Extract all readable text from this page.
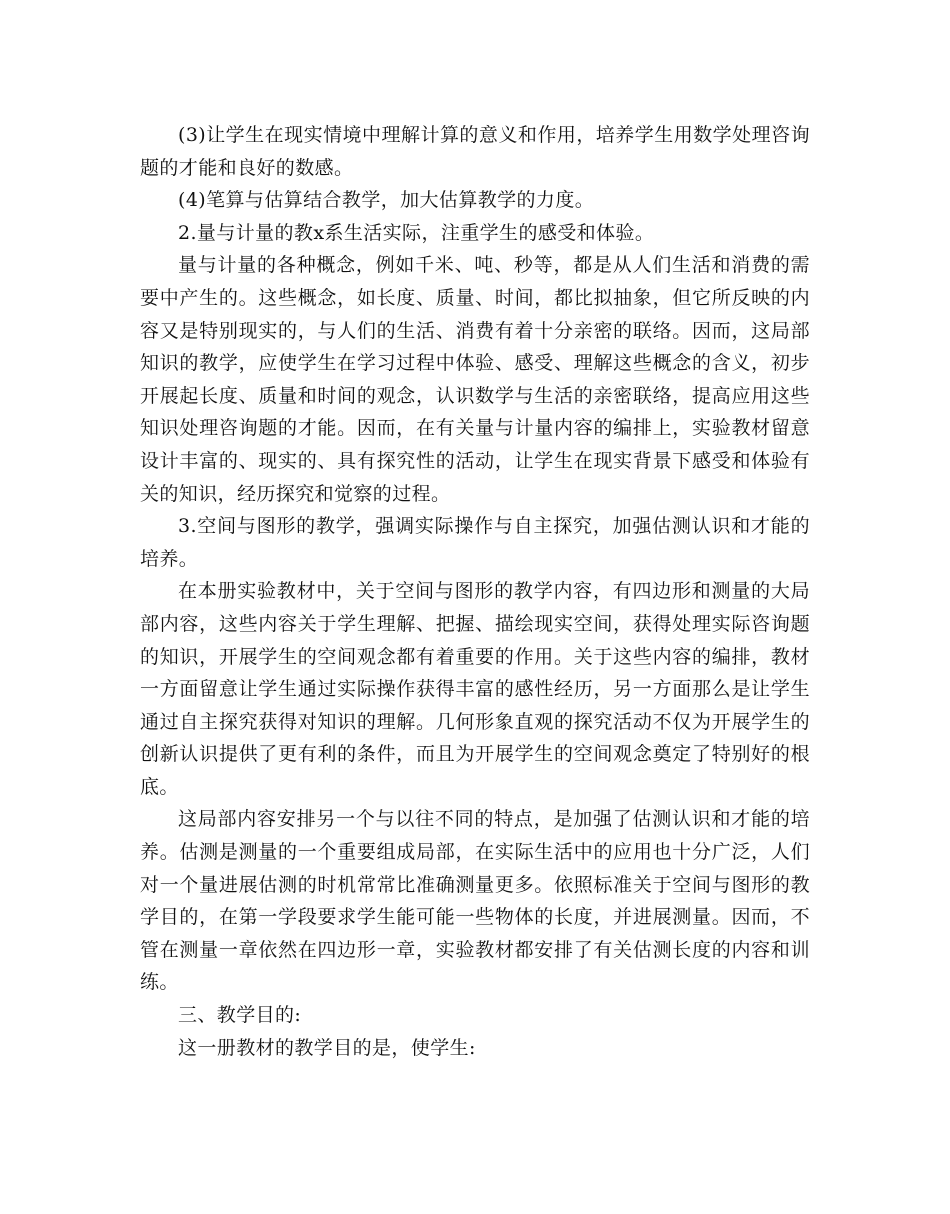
(3)让学生在现实情境中理解计算的意义和作用，培养学生用数学处理咨询题的才能和良好的数感。

(4)笔算与估算结合教学，加大估算教学的力度。

2.量与计量的教x系生活实际，注重学生的感受和体验。

量与计量的各种概念，例如千米、吨、秒等，都是从人们生活和消费的需要中产生的。这些概念，如长度、质量、时间，都比拟抽象，但它所反映的内容又是特别现实的，与人们的生活、消费有着十分亲密的联络。因而，这局部知识的教学，应使学生在学习过程中体验、感受、理解这些概念的含义，初步开展起长度、质量和时间的观念，认识数学与生活的亲密联络，提高应用这些知识处理咨询题的才能。因而，在有关量与计量内容的编排上，实验教材留意设计丰富的、现实的、具有探究性的活动，让学生在现实背景下感受和体验有关的知识，经历探究和觉察的过程。

3.空间与图形的教学，强调实际操作与自主探究，加强估测认识和才能的培养。

在本册实验教材中，关于空间与图形的教学内容，有四边形和测量的大局部内容，这些内容关于学生理解、把握、描绘现实空间，获得处理实际咨询题的知识，开展学生的空间观念都有着重要的作用。关于这些内容的编排，教材一方面留意让学生通过实际操作获得丰富的感性经历，另一方面那么是让学生通过自主探究获得对知识的理解。几何形象直观的探究活动不仅为开展学生的创新认识提供了更有利的条件，而且为开展学生的空间观念奠定了特别好的根底。

这局部内容安排另一个与以往不同的特点，是加强了估测认识和才能的培养。估测是测量的一个重要组成局部，在实际生活中的应用也十分广泛，人们对一个量进展估测的时机常常比准确测量更多。依照标准关于空间与图形的教学目的，在第一学段要求学生能可能一些物体的长度，并进展测量。因而，不管在测量一章依然在四边形一章，实验教材都安排了有关估测长度的内容和训练。

三、教学目的:

这一册教材的教学目的是，使学生:
